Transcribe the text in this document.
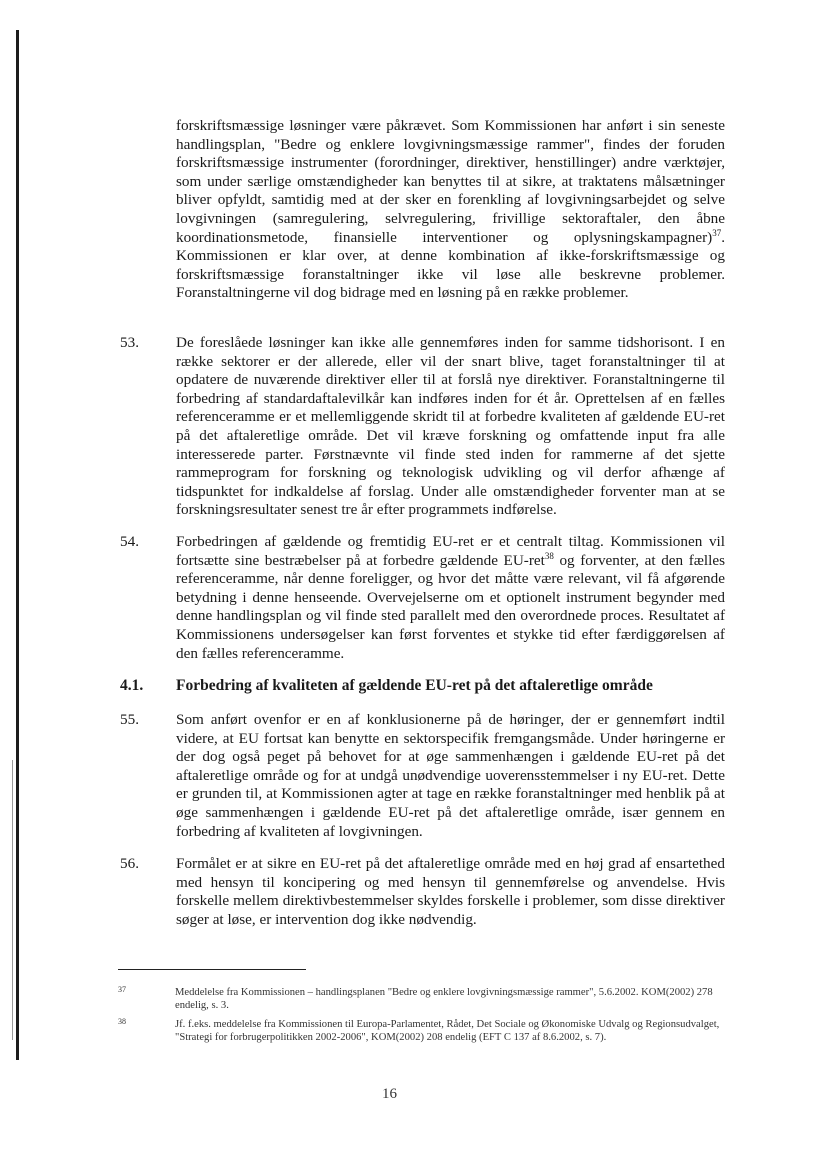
forskriftsmæssige løsninger være påkrævet. Som Kommissionen har anført i sin seneste handlingsplan, "Bedre og enklere lovgivningsmæssige rammer", findes der foruden forskriftsmæssige instrumenter (forordninger, direktiver, henstillinger) andre værktøjer, som under særlige omstændigheder kan benyttes til at sikre, at traktatens målsætninger bliver opfyldt, samtidig med at der sker en forenkling af lovgivningsarbejdet og selve lovgivningen (samregulering, selvregulering, frivillige sektoraftaler, den åbne koordinationsmetode, finansielle interventioner og oplysningskampagner)$^{37}$. Kommissionen er klar over, at denne kombination af ikke-forskriftsmæssige og forskriftsmæssige foranstaltninger ikke vil løse alle beskrevne problemer. Foranstaltningerne vil dog bidrage med en løsning på en række problemer.
53. De foreslåede løsninger kan ikke alle gennemføres inden for samme tidshorisont. I en række sektorer er der allerede, eller vil der snart blive, taget foranstaltninger til at opdatere de nuværende direktiver eller til at forslå nye direktiver. Foranstaltningerne til forbedring af standardaftalevilkår kan indføres inden for ét år. Oprettelsen af en fælles referenceramme er et mellemliggende skridt til at forbedre kvaliteten af gældende EU-ret på det aftaleretlige område. Det vil kræve forskning og omfattende input fra alle interesserede parter. Førstnævnte vil finde sted inden for rammerne af det sjette rammeprogram for forskning og teknologisk udvikling og vil derfor afhænge af tidspunktet for indkaldelse af forslag. Under alle omstændigheder forventer man at se forskningsresultater senest tre år efter programmets indførelse.
54. Forbedringen af gældende og fremtidig EU-ret er et centralt tiltag. Kommissionen vil fortsætte sine bestræbelser på at forbedre gældende EU-ret$^{38}$ og forventer, at den fælles referenceramme, når denne foreligger, og hvor det måtte være relevant, vil få afgørende betydning i denne henseende. Overvejelserne om et optionelt instrument begynder med denne handlingsplan og vil finde sted parallelt med den overordnede proces. Resultatet af Kommissionens undersøgelser kan først forventes et stykke tid efter færdiggørelsen af den fælles referenceramme.
4.1. Forbedring af kvaliteten af gældende EU-ret på det aftaleretlige område
55. Som anført ovenfor er en af konklusionerne på de høringer, der er gennemført indtil videre, at EU fortsat kan benytte en sektorspecifik fremgangsmåde. Under høringerne er der dog også peget på behovet for at øge sammenhængen i gældende EU-ret på det aftaleretlige område og for at undgå unødvendige uoverensstemmelser i ny EU-ret. Dette er grunden til, at Kommissionen agter at tage en række foranstaltninger med henblik på at øge sammenhængen i gældende EU-ret på det aftaleretlige område, især gennem en forbedring af kvaliteten af lovgivningen.
56. Formålet er at sikre en EU-ret på det aftaleretlige område med en høj grad af ensartethed med hensyn til koncipering og med hensyn til gennemførelse og anvendelse. Hvis forskelle mellem direktivbestemmelser skyldes forskelle i problemer, som disse direktiver søger at løse, er intervention dog ikke nødvendig.
37	Meddelelse fra Kommissionen – handlingsplanen "Bedre og enklere lovgivningsmæssige rammer", 5.6.2002. KOM(2002) 278 endelig, s. 3.
38	Jf. f.eks. meddelelse fra Kommissionen til Europa-Parlamentet, Rådet, Det Sociale og Økonomiske Udvalg og Regionsudvalget, "Strategi for forbrugerpolitikken 2002-2006", KOM(2002) 208 endelig (EFT C 137 af 8.6.2002, s. 7).
16
